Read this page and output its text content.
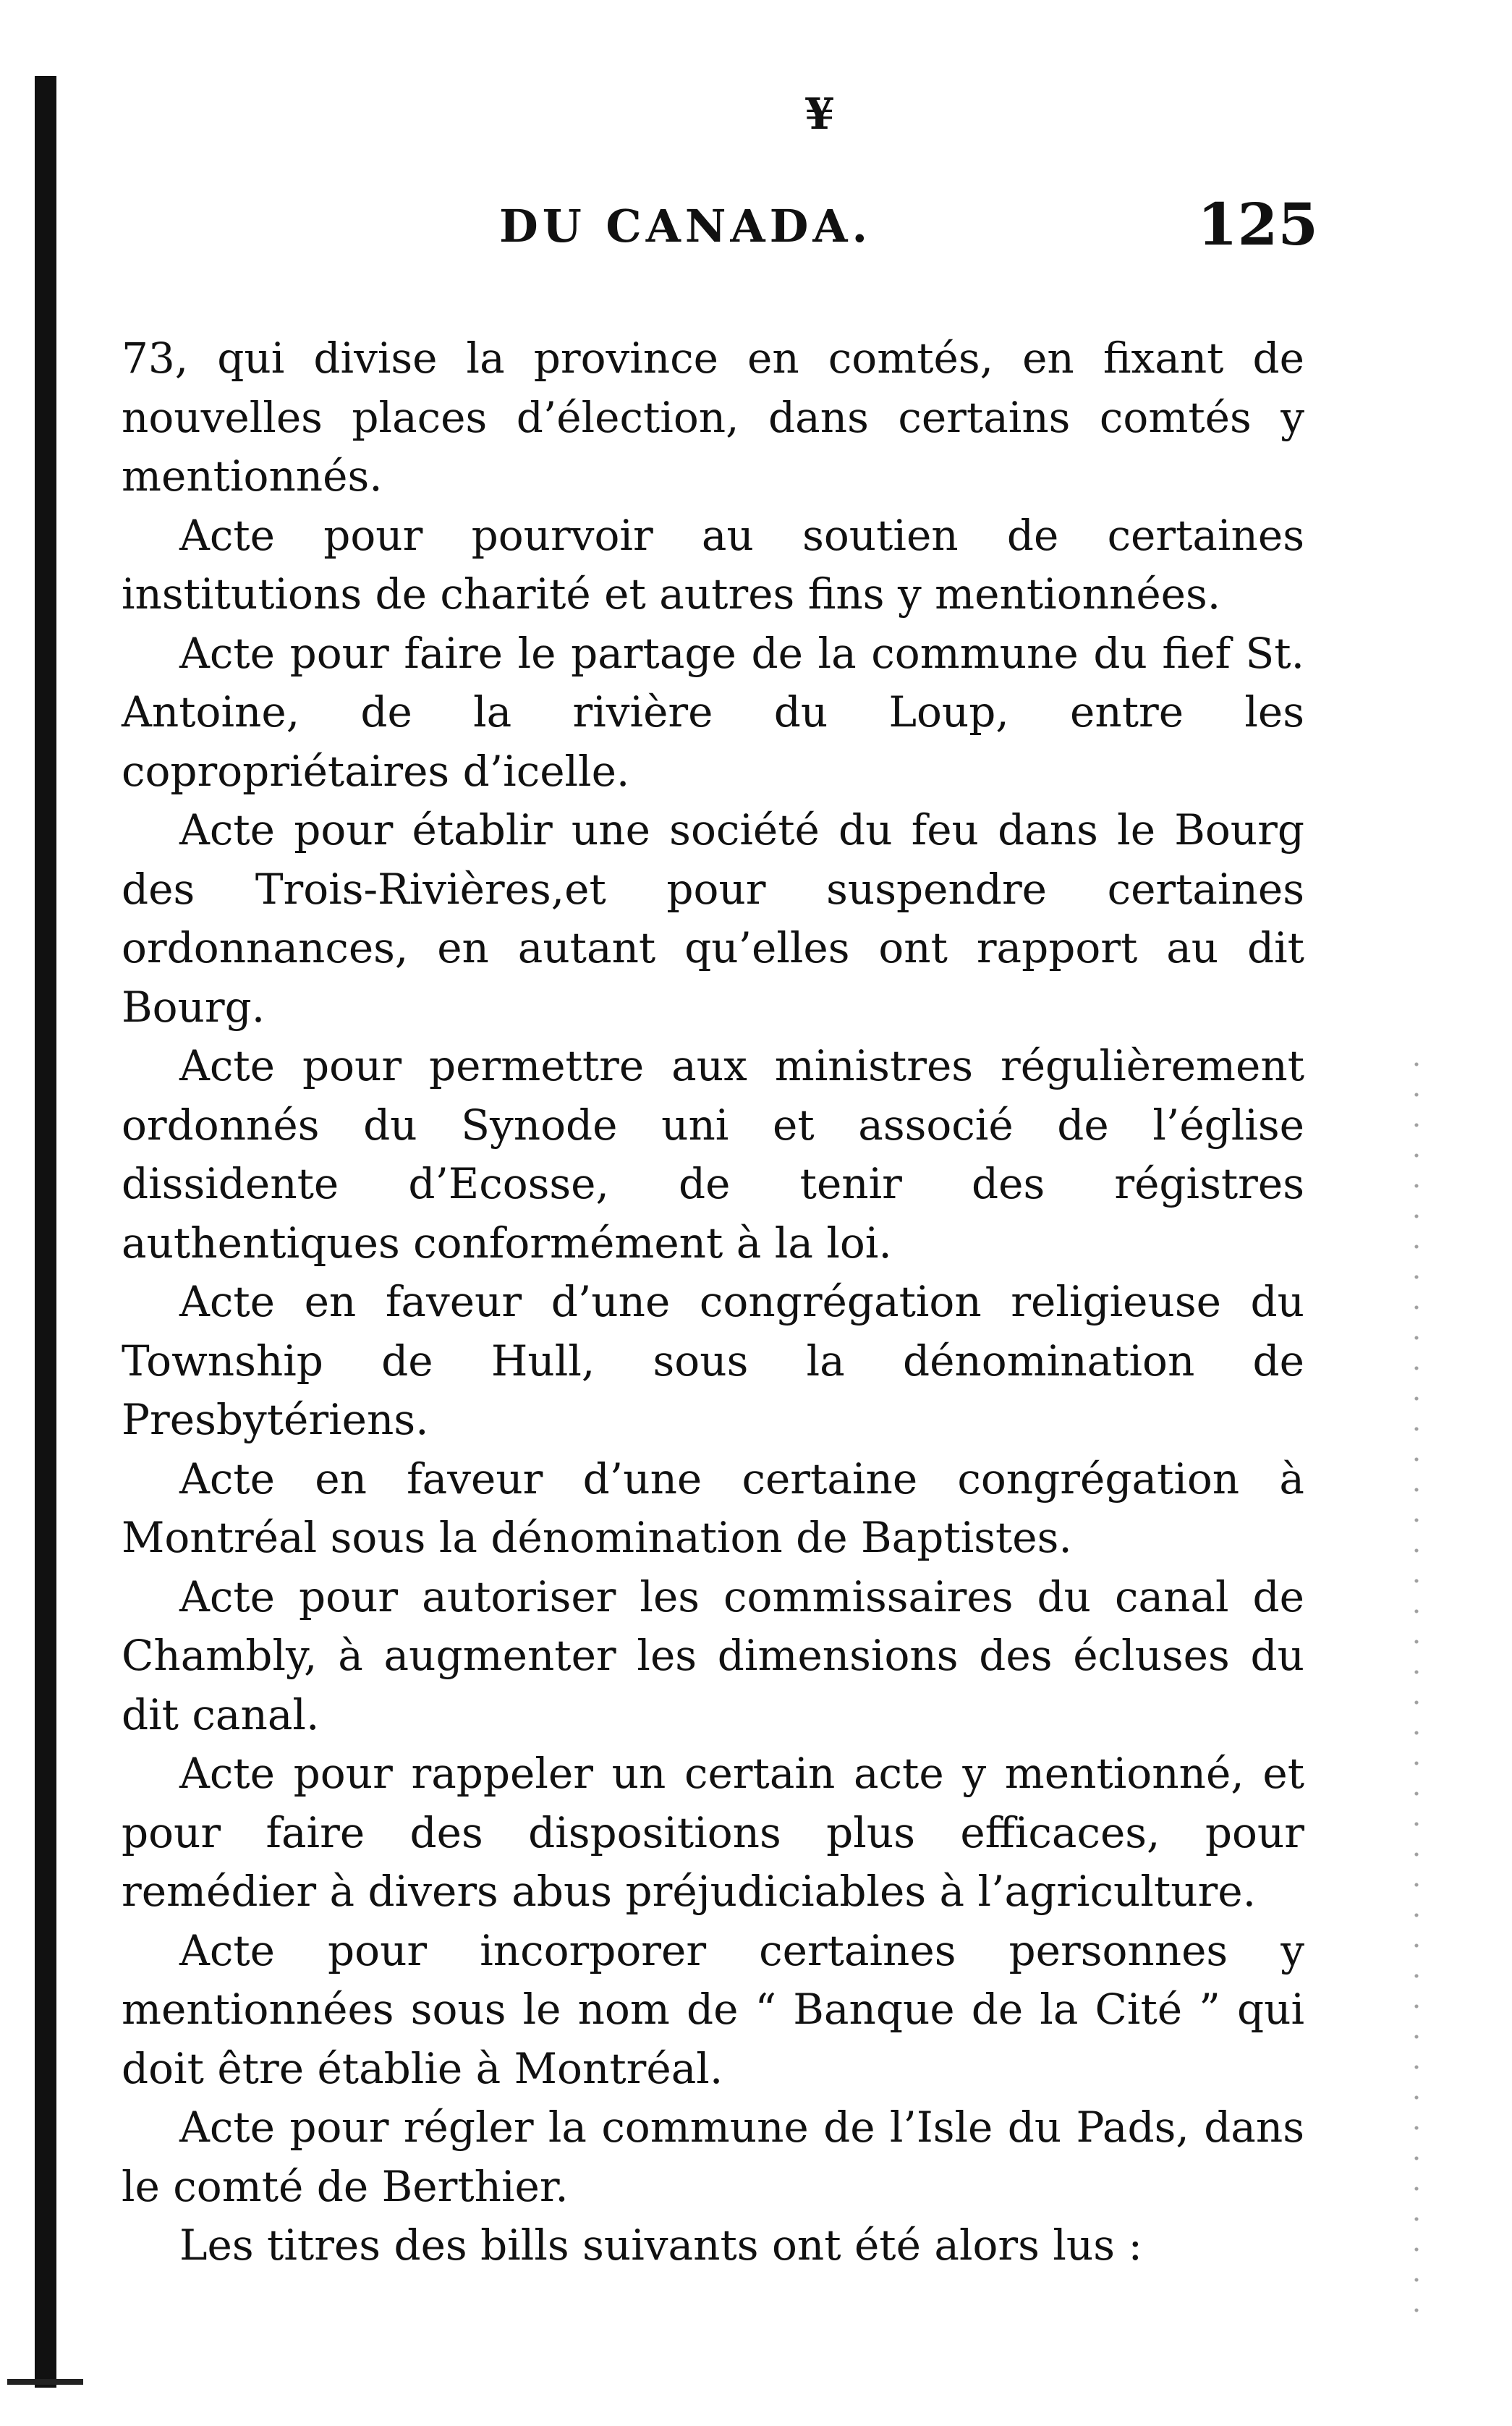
¥
DU CANADA.	125

73, qui divise la province en comtés, en fixant de nouvelles places d’élection, dans certains comtés y mentionnés.

Acte pour pourvoir au soutien de certaines institutions de charité et autres fins y mentionnées.

Acte pour faire le partage de la commune du fief St. Antoine, de la rivière du Loup, entre les copropriétaires d’icelle.

Acte pour établir une société du feu dans le Bourg des Trois-Rivières,et pour suspendre certaines ordonnances, en autant qu’elles ont rapport au dit Bourg.

Acte pour permettre aux ministres régulièrement ordonnés du Synode uni et associé de l’église dissidente d’Ecosse, de tenir des régistres authentiques conformément à la loi.

Acte en faveur d’une congrégation religieuse du Township de Hull, sous la dénomination de Presbytériens.

Acte en faveur d’une certaine congrégation à Montréal sous la dénomination de Baptistes.

Acte pour autoriser les commissaires du canal de Chambly, à augmenter les dimensions des écluses du dit canal.

Acte pour rappeler un certain acte y mentionné, et pour faire des dispositions plus efficaces, pour remédier à divers abus préjudiciables à l’agriculture.

Acte pour incorporer certaines personnes y mentionnées sous le nom de “ Banque de la Cité ” qui doit être établie à Montréal.

Acte pour régler la commune de l’Isle du Pads, dans le comté de Berthier.

Les titres des bills suivants ont été alors lus :
